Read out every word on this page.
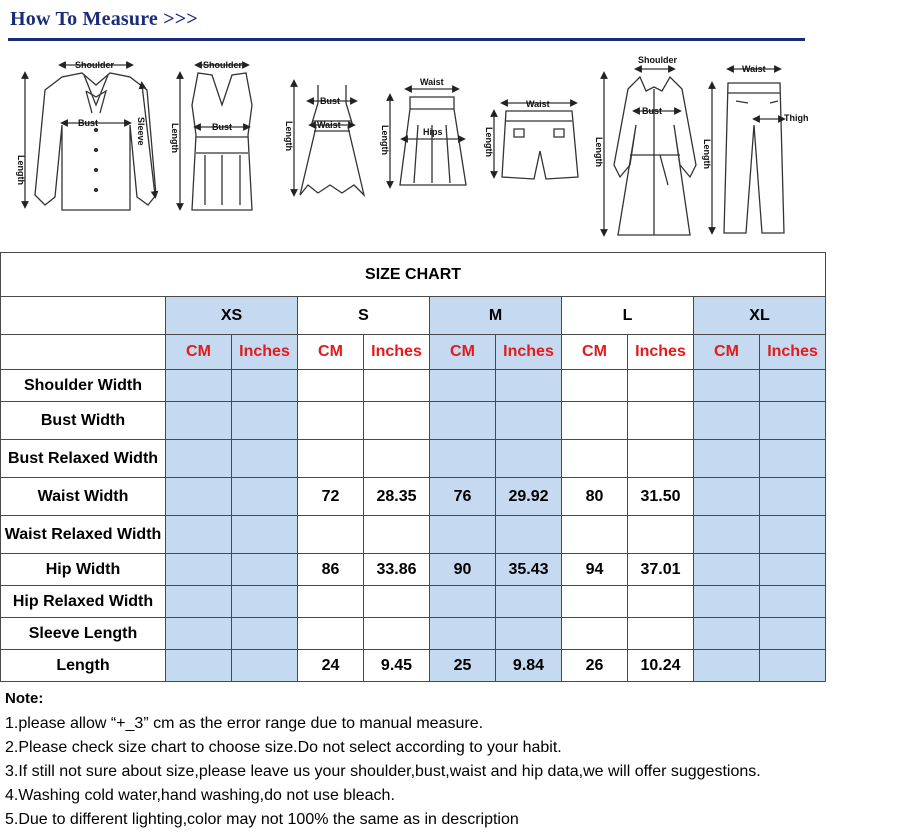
How To Measure >>>
Shoulder
Bust
Length
Sleeve
Shoulder
Bust
Length
Bust
Waist
Length
Waist
Hips
Length
Waist
Length
Shoulder
Bust
Length
Waist
Thigh
Length
SIZE CHART										
	XS		S		M		L		XL	
	CM	Inches	CM	Inches	CM	Inches	CM	Inches	CM	Inches
Shoulder Width										
Bust Width										
Bust Relaxed Width										
Waist Width			72	28.35	76	29.92	80	31.50		
Waist Relaxed Width										
Hip Width			86	33.86	90	35.43	94	37.01		
Hip Relaxed Width										
Sleeve Length										
Length			24	9.45	25	9.84	26	10.24		
Note:
1.please allow “+_3” cm as the error range due to manual measure.
2.Please check size chart to choose size.Do not select according to your habit.
3.If still not sure about size,please leave us your shoulder,bust,waist and hip data,we will offer suggestions.
4.Washing cold water,hand washing,do not use bleach.
5.Due to different lighting,color may not 100% the same as in description
